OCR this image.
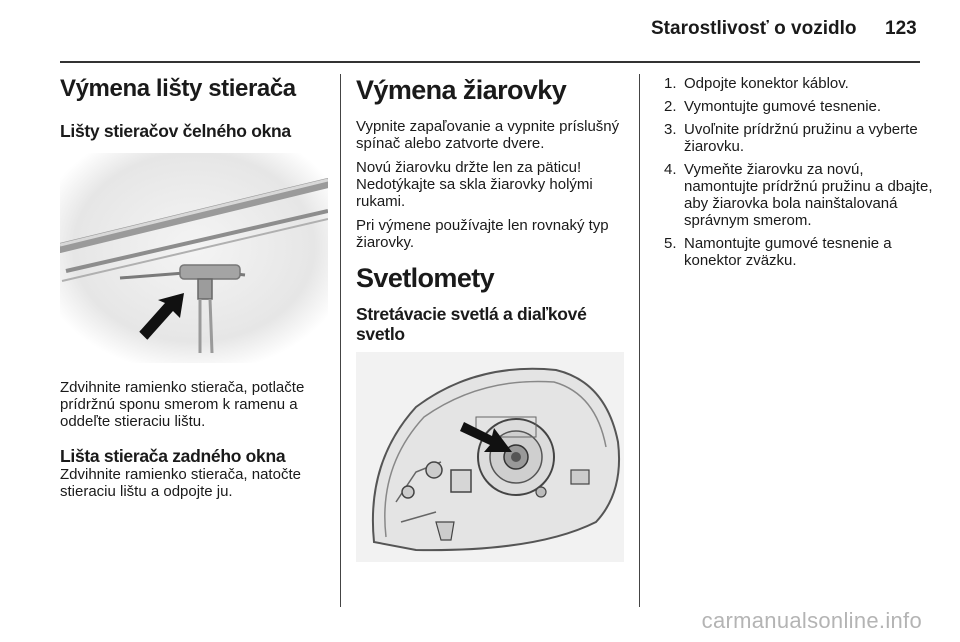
Starostlivosť o vozidlo 123
Výmena lišty stierača
Lišty stieračov čelného okna

Zdvihnite ramienko stierača, potlačte prídržnú sponu smerom k ramenu a oddeľte stieraciu lištu.

Lišta stierača zadného okna

Zdvihnite ramienko stierača, natočte stieraciu lištu a odpojte ju.

Výmena žiarovky

Vypnite zapaľovanie a vypnite príslušný spínač alebo zatvorte dvere.

Novú žiarovku držte len za päticu! Nedotýkajte sa skla žiarovky holými rukami.

Pri výmene používajte len rovnaký typ žiarovky.

Svetlomety
Stretávacie svetlá a diaľkové svetlo
1. Odpojte konektor káblov.
2. Vymontujte gumové tesnenie.
3. Uvoľnite prídržnú pružinu a vyberte žiarovku.
4. Vymeňte žiarovku za novú, namontujte prídržnú pružinu a dbajte, aby žiarovka bola nainštalovaná správnym smerom.
5. Namontujte gumové tesnenie a konektor zväzku.
carmanualsonline.info
